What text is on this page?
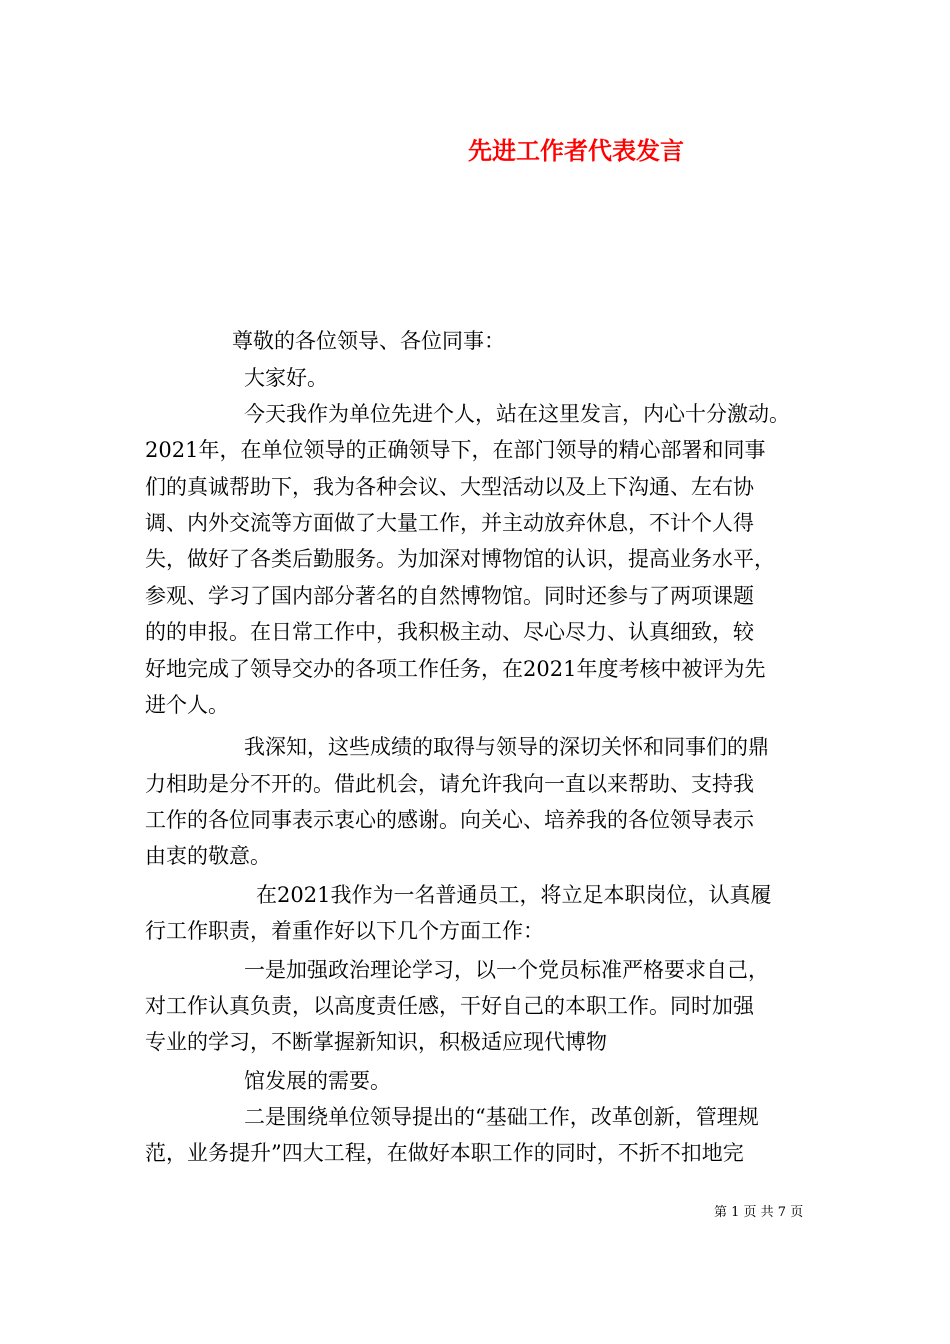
先进工作者代表发言
尊敬的各位领导、各位同事：
大家好。
今天我作为单位先进个人，站在这里发言，内心十分激动。
2021年，在单位领导的正确领导下，在部门领导的精心部署和同事
们的真诚帮助下，我为各种会议、大型活动以及上下沟通、左右协
调、内外交流等方面做了大量工作，并主动放弃休息，不计个人得
失，做好了各类后勤服务。为加深对博物馆的认识，提高业务水平，
参观、学习了国内部分著名的自然博物馆。同时还参与了两项课题
的的申报。在日常工作中，我积极主动、尽心尽力、认真细致，较
好地完成了领导交办的各项工作任务，在2021年度考核中被评为先
进个人。
我深知，这些成绩的取得与领导的深切关怀和同事们的鼎
力相助是分不开的。借此机会，请允许我向一直以来帮助、支持我
工作的各位同事表示衷心的感谢。向关心、培养我的各位领导表示
由衷的敬意。
在2021我作为一名普通员工，将立足本职岗位，认真履
行工作职责，着重作好以下几个方面工作：
一是加强政治理论学习，以一个党员标准严格要求自己，
对工作认真负责，以高度责任感，干好自己的本职工作。同时加强
专业的学习，不断掌握新知识，积极适应现代博物
馆发展的需要。
二是围绕单位领导提出的“基础工作，改革创新，管理规
范，业务提升”四大工程，在做好本职工作的同时，不折不扣地完
第 1 页 共 7 页
